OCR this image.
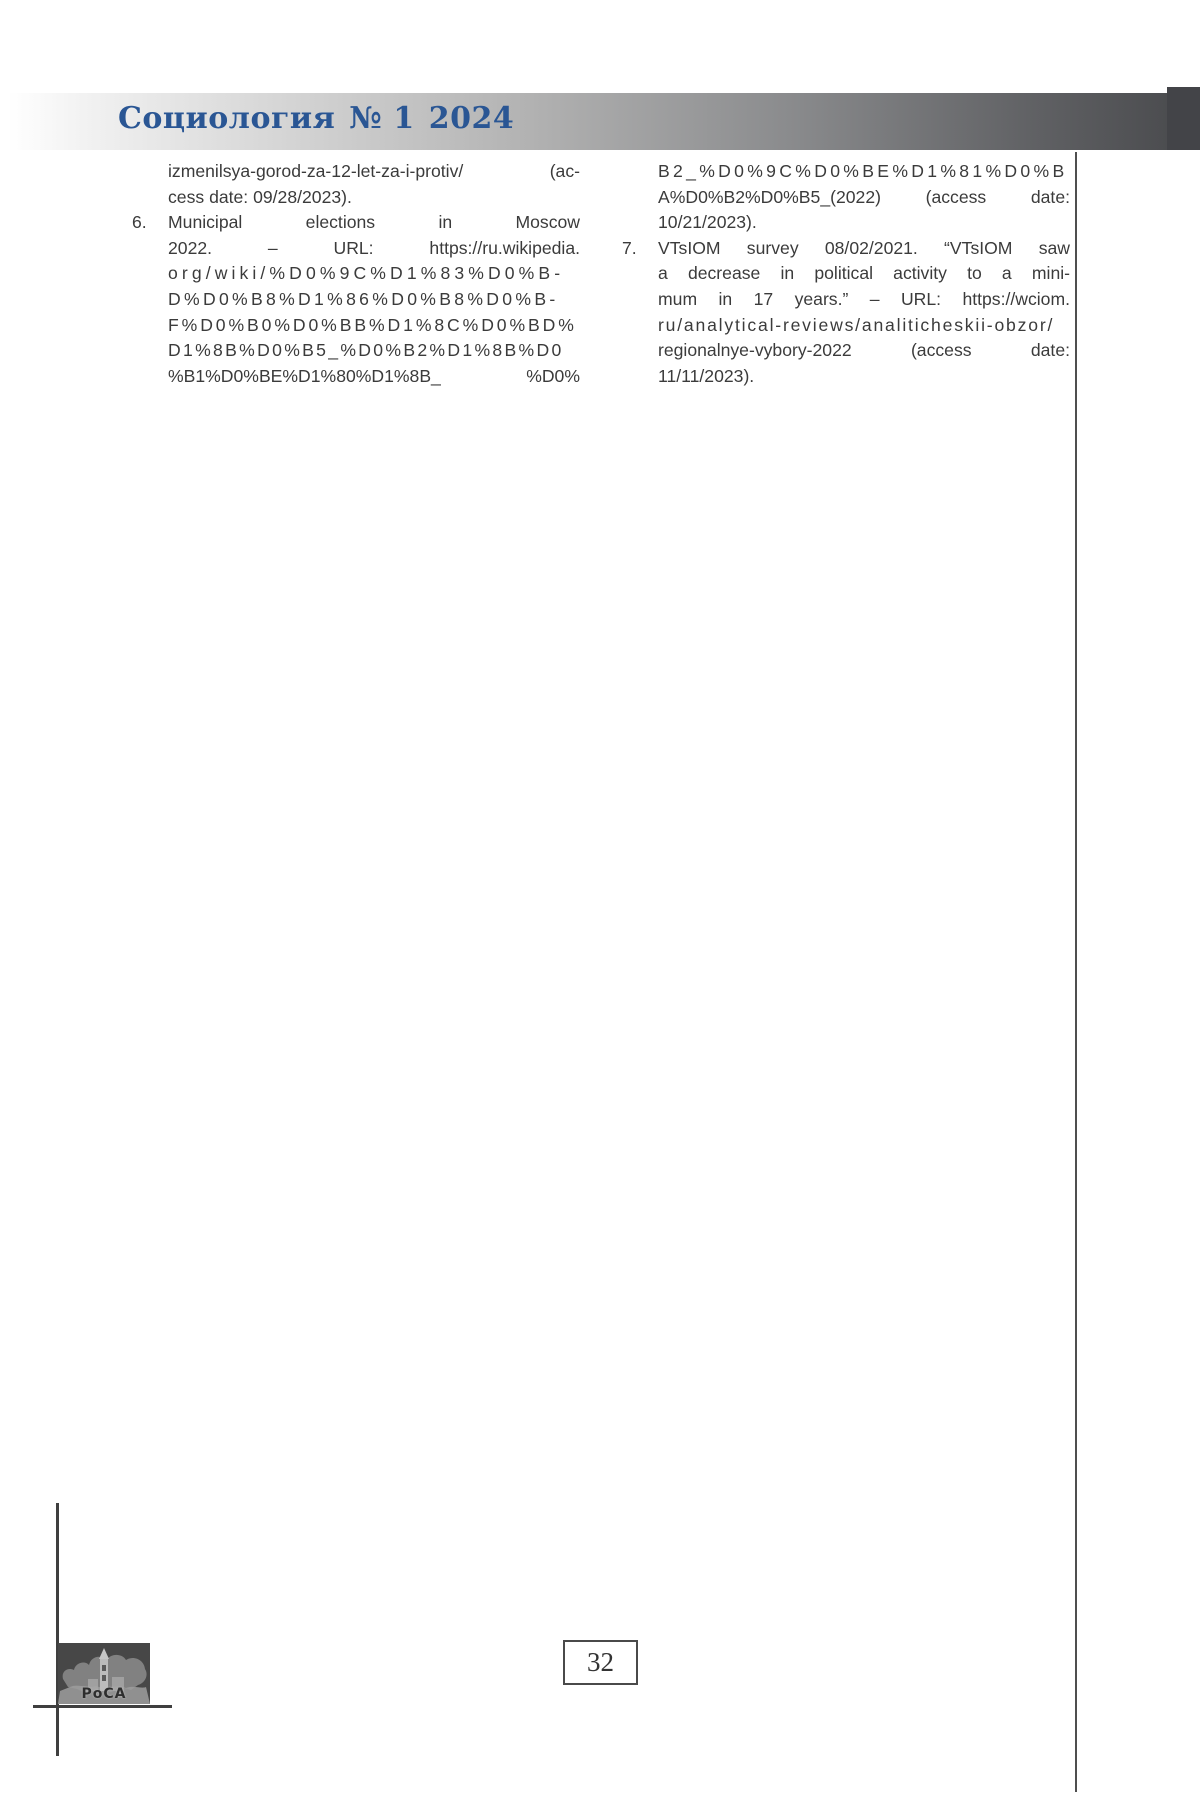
Социология № 1 2024
izmenilsya-gorod-za-12-let-za-i-protiv/ (ac-
cess date: 09/28/2023).
6. Municipal elections in Moscow
2022. – URL: https://ru.wikipedia.
org/wiki/%D0%9C%D1%83%D0%B-
D%D0%B8%D1%86%D0%B8%D0%B-
F%D0%B0%D0%BB%D1%8C%D0%BD%
D1%8B%D0%B5_%D0%B2%D1%8B%D0
%B1%D0%BE%D1%80%D1%8B_ %D0%
B2_%D0%9C%D0%BE%D1%81%D0%B
A%D0%B2%D0%B5_(2022) (access date:
10/21/2023).
7. VTsIOM survey 08/02/2021. “VTsIOM saw
a decrease in political activity to a mini-
mum in 17 years.” – URL: https://wciom.
ru/analytical-reviews/analiticheskii-obzor/
regionalnye-vybory-2022 (access date:
11/11/2023).
РоСА
32
